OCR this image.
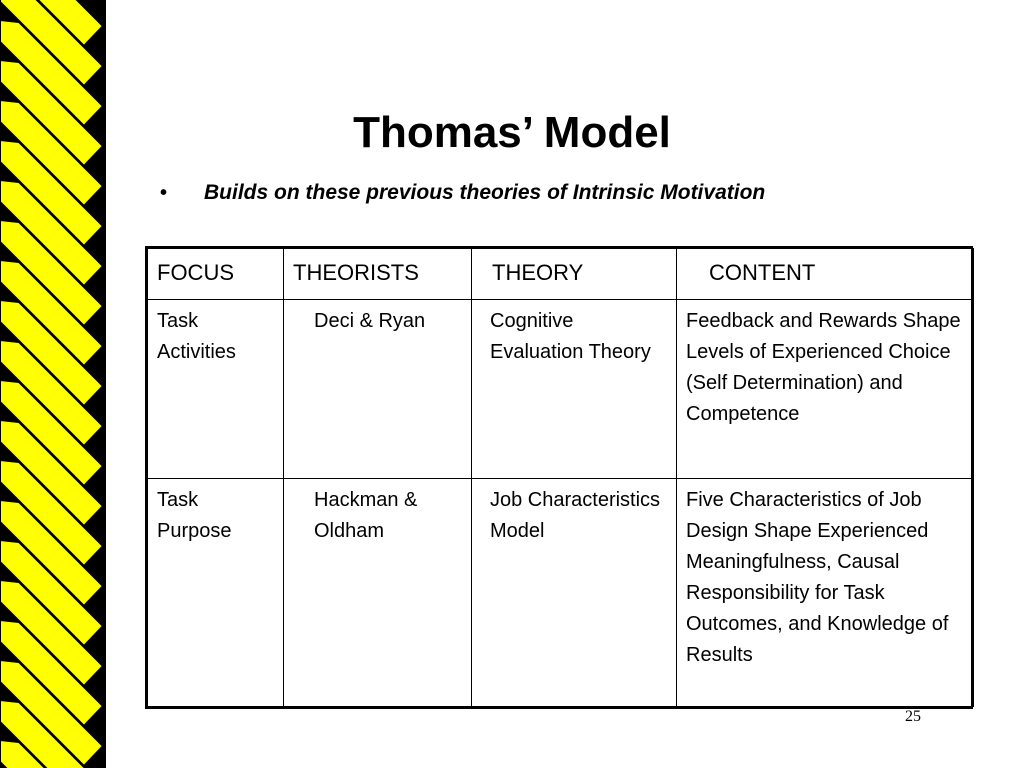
Thomas’ Model
•	Builds on these previous theories of Intrinsic Motivation
FOCUS	THEORISTS	THEORY	CONTENT
Task Activities	Deci & Ryan	Cognitive Evaluation Theory	Feedback and Rewards Shape Levels of Experienced Choice (Self Determination) and Competence
Task Purpose	Hackman & Oldham	Job Characteristics Model	Five Characteristics of Job Design Shape Experienced Meaningfulness, Causal Responsibility for Task Outcomes, and Knowledge of Results
25
